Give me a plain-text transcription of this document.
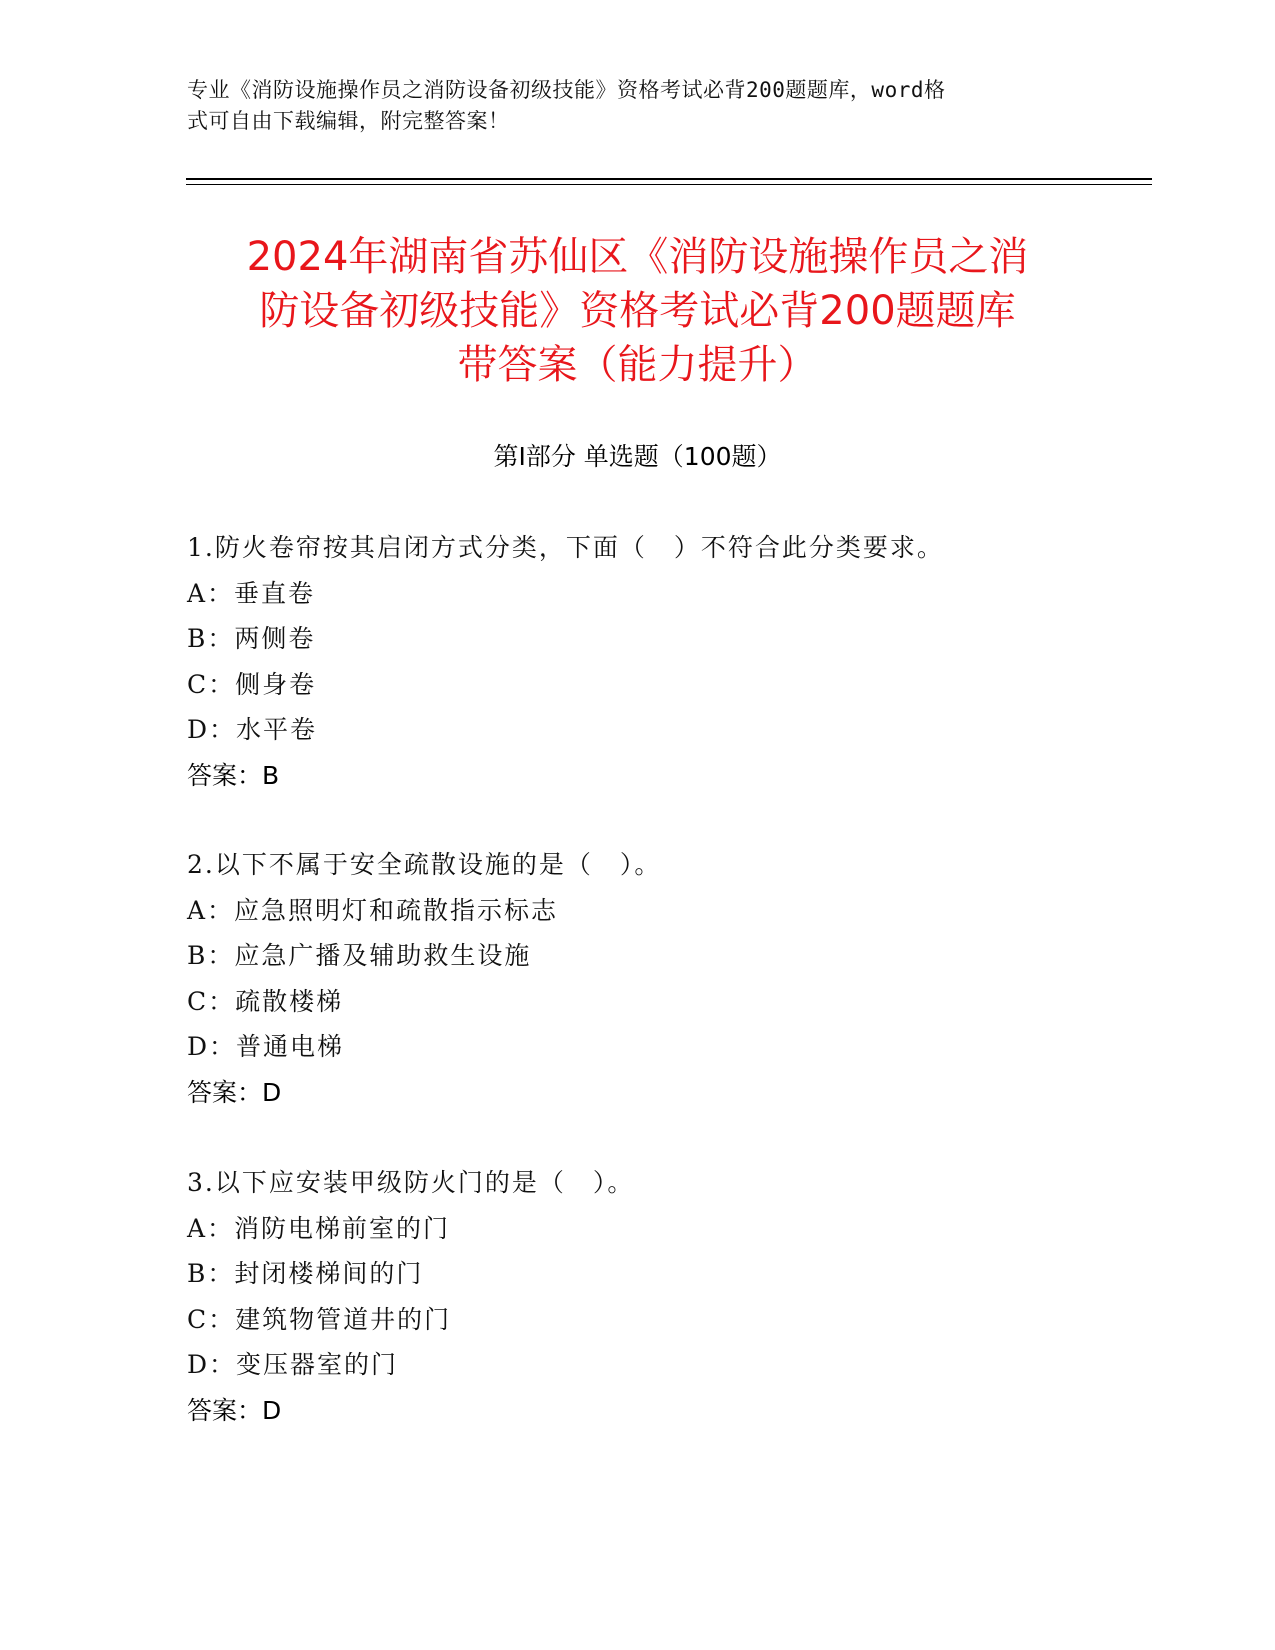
专业《消防设施操作员之消防设备初级技能》资格考试必背200题题库，word格
式可自由下载编辑，附完整答案！
2024年湖南省苏仙区《消防设施操作员之消
防设备初级技能》资格考试必背200题题库
带答案（能力提升）
第Ⅰ部分 单选题（100题）
1.防火卷帘按其启闭方式分类，下面（　）不符合此分类要求。
A：垂直卷
B：两侧卷
C：侧身卷
D：水平卷
答案：B
2.以下不属于安全疏散设施的是（　）。
A：应急照明灯和疏散指示标志
B：应急广播及辅助救生设施
C：疏散楼梯
D：普通电梯
答案：D
3.以下应安装甲级防火门的是（　）。
A：消防电梯前室的门
B：封闭楼梯间的门
C：建筑物管道井的门
D：变压器室的门
答案：D
